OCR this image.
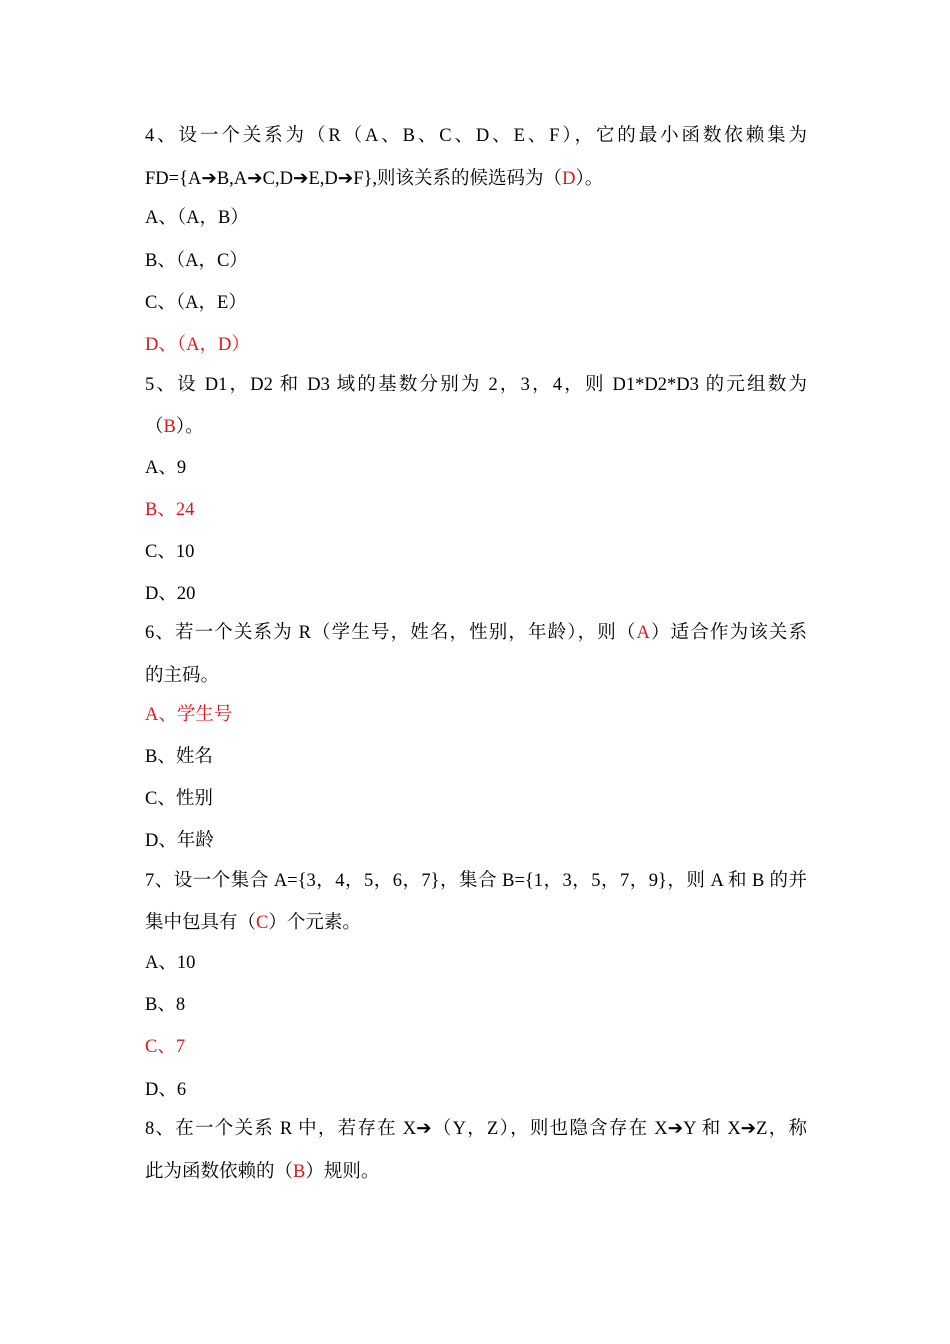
4、设一个关系为（R（A、B、C、D、E、F），它的最小函数依赖集为
FD={A➔B,A➔C,D➔E,D➔F},则该关系的候选码为（D）。
A、（A，B）
B、（A，C）
C、（A，E）
D、（A，D）
5、设 D1，D2 和 D3 域的基数分别为 2，3，4，则 D1*D2*D3 的元组数为
（B）。
A、9
B、24
C、10
D、20
6、若一个关系为 R（学生号，姓名，性别，年龄），则（A）适合作为该关系
的主码。
A、学生号
B、姓名
C、性别
D、年龄
7、设一个集合 A={3，4，5，6，7}，集合 B={1，3，5，7，9}，则 A 和 B 的并
集中包具有（C）个元素。
A、10
B、8
C、7
D、6
8、在一个关系 R 中，若存在 X➔（Y，Z），则也隐含存在 X➔Y 和 X➔Z，称
此为函数依赖的（B）规则。
